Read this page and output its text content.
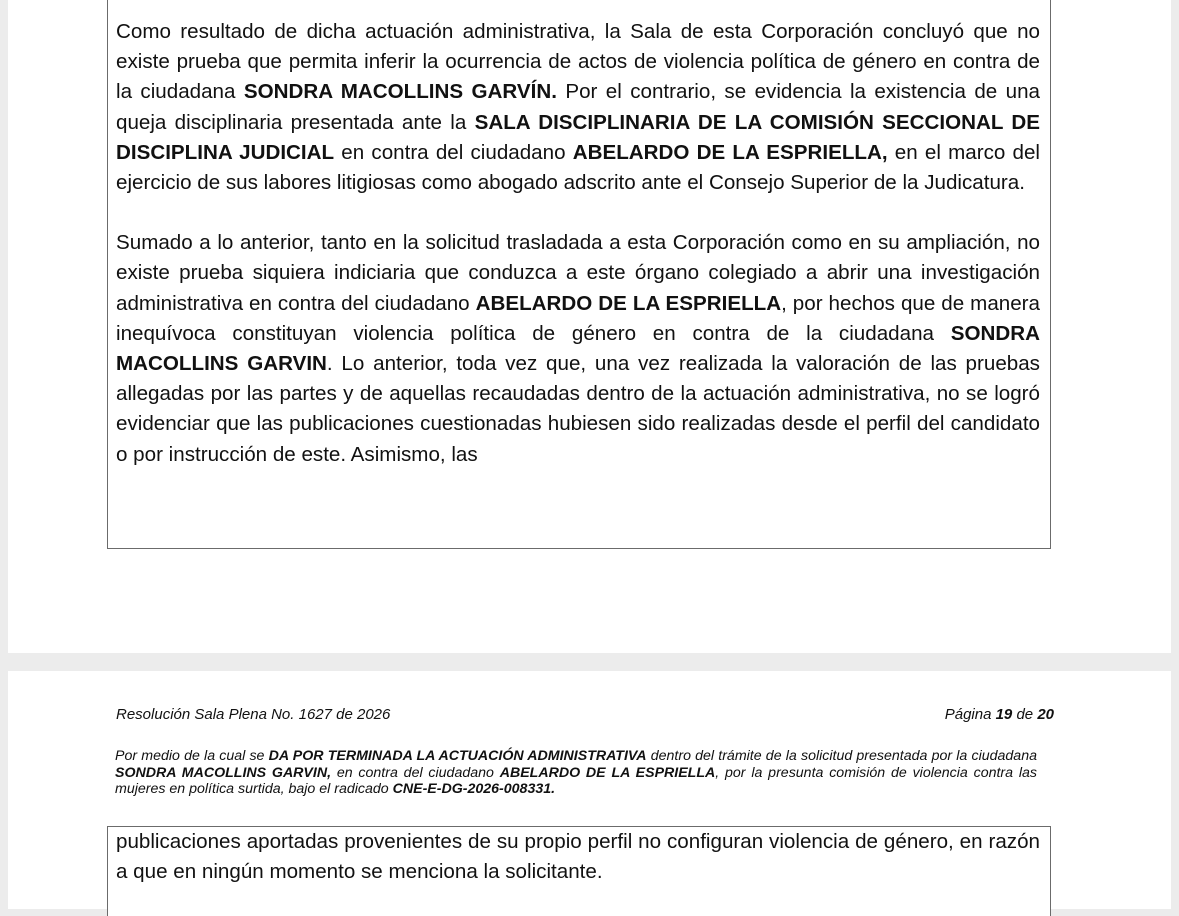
Como resultado de dicha actuación administrativa, la Sala de esta Corporación concluyó que no existe prueba que permita inferir la ocurrencia de actos de violencia política de género en contra de la ciudadana SONDRA MACOLLINS GARVÍN. Por el contrario, se evidencia la existencia de una queja disciplinaria presentada ante la SALA DISCIPLINARIA DE LA COMISIÓN SECCIONAL DE DISCIPLINA JUDICIAL en contra del ciudadano ABELARDO DE LA ESPRIELLA, en el marco del ejercicio de sus labores litigiosas como abogado adscrito ante el Consejo Superior de la Judicatura.

Sumado a lo anterior, tanto en la solicitud trasladada a esta Corporación como en su ampliación, no existe prueba siquiera indiciaria que conduzca a este órgano colegiado a abrir una investigación administrativa en contra del ciudadano ABELARDO DE LA ESPRIELLA, por hechos que de manera inequívoca constituyan violencia política de género en contra de la ciudadana SONDRA MACOLLINS GARVIN. Lo anterior, toda vez que, una vez realizada la valoración de las pruebas allegadas por las partes y de aquellas recaudadas dentro de la actuación administrativa, no se logró evidenciar que las publicaciones cuestionadas hubiesen sido realizadas desde el perfil del candidato o por instrucción de este. Asimismo, las

Resolución Sala Plena No. 1627 de 2026	Página 19 de 20

Por medio de la cual se DA POR TERMINADA LA ACTUACIÓN ADMINISTRATIVA dentro del trámite de la solicitud presentada por la ciudadana SONDRA MACOLLINS GARVIN, en contra del ciudadano ABELARDO DE LA ESPRIELLA, por la presunta comisión de violencia contra las mujeres en política surtida, bajo el radicado CNE-E-DG-2026-008331.

publicaciones aportadas provenientes de su propio perfil no configuran violencia de género, en razón a que en ningún momento se menciona la solicitante.
